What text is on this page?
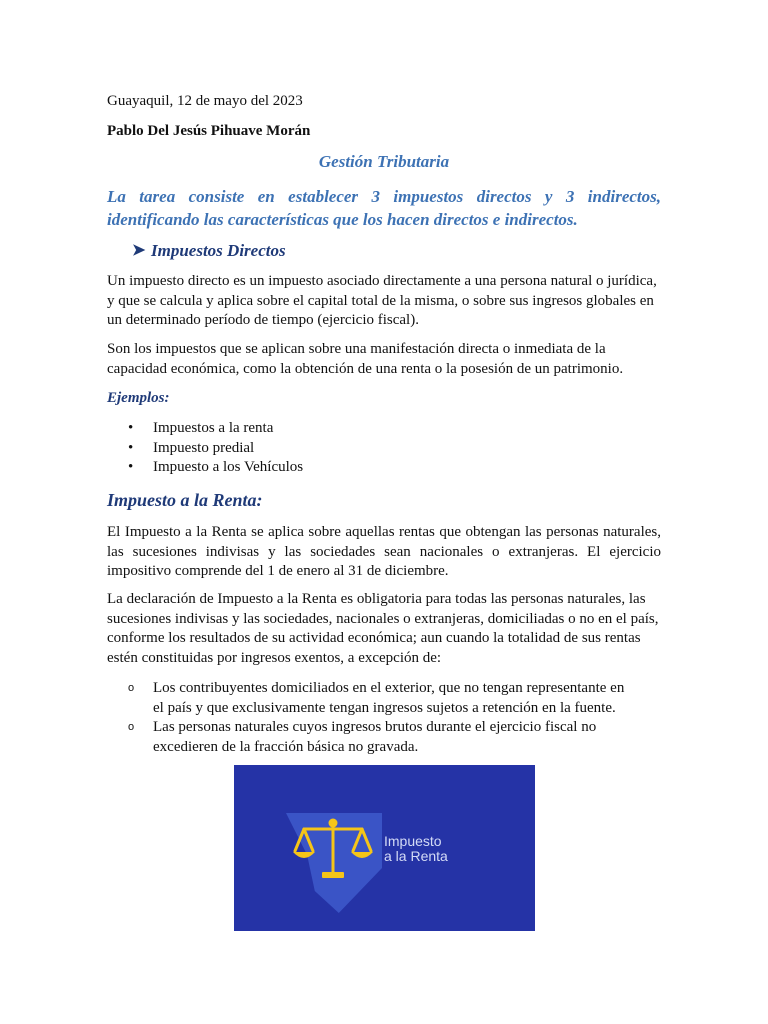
Guayaquil, 12 de mayo del 2023
Pablo Del Jesús Pihuave Morán
Gestión Tributaria
La tarea consiste en establecer 3 impuestos directos y 3 indirectos, identificando las características que los hacen directos e indirectos.
➤ Impuestos Directos
Un impuesto directo es un impuesto asociado directamente a una persona natural o jurídica, y que se calcula y aplica sobre el capital total de la misma, o sobre sus ingresos globales en un determinado período de tiempo (ejercicio fiscal).
Son los impuestos que se aplican sobre una manifestación directa o inmediata de la capacidad económica, como la obtención de una renta o la posesión de un patrimonio.
Ejemplos:
• Impuestos a la renta
• Impuesto predial
• Impuesto a los Vehículos
Impuesto a la Renta:
El Impuesto a la Renta se aplica sobre aquellas rentas que obtengan las personas naturales, las sucesiones indivisas y las sociedades sean nacionales o extranjeras. El ejercicio impositivo comprende del 1 de enero al 31 de diciembre.
La declaración de Impuesto a la Renta es obligatoria para todas las personas naturales, las sucesiones indivisas y las sociedades, nacionales o extranjeras, domiciliadas o no en el país, conforme los resultados de su actividad económica; aun cuando la totalidad de sus rentas estén constituidas por ingresos exentos, a excepción de:
o Los contribuyentes domiciliados en el exterior, que no tengan representante en el país y que exclusivamente tengan ingresos sujetos a retención en la fuente.
o Las personas naturales cuyos ingresos brutos durante el ejercicio fiscal no excedieren de la fracción básica no gravada.
Impuesto
a la Renta
